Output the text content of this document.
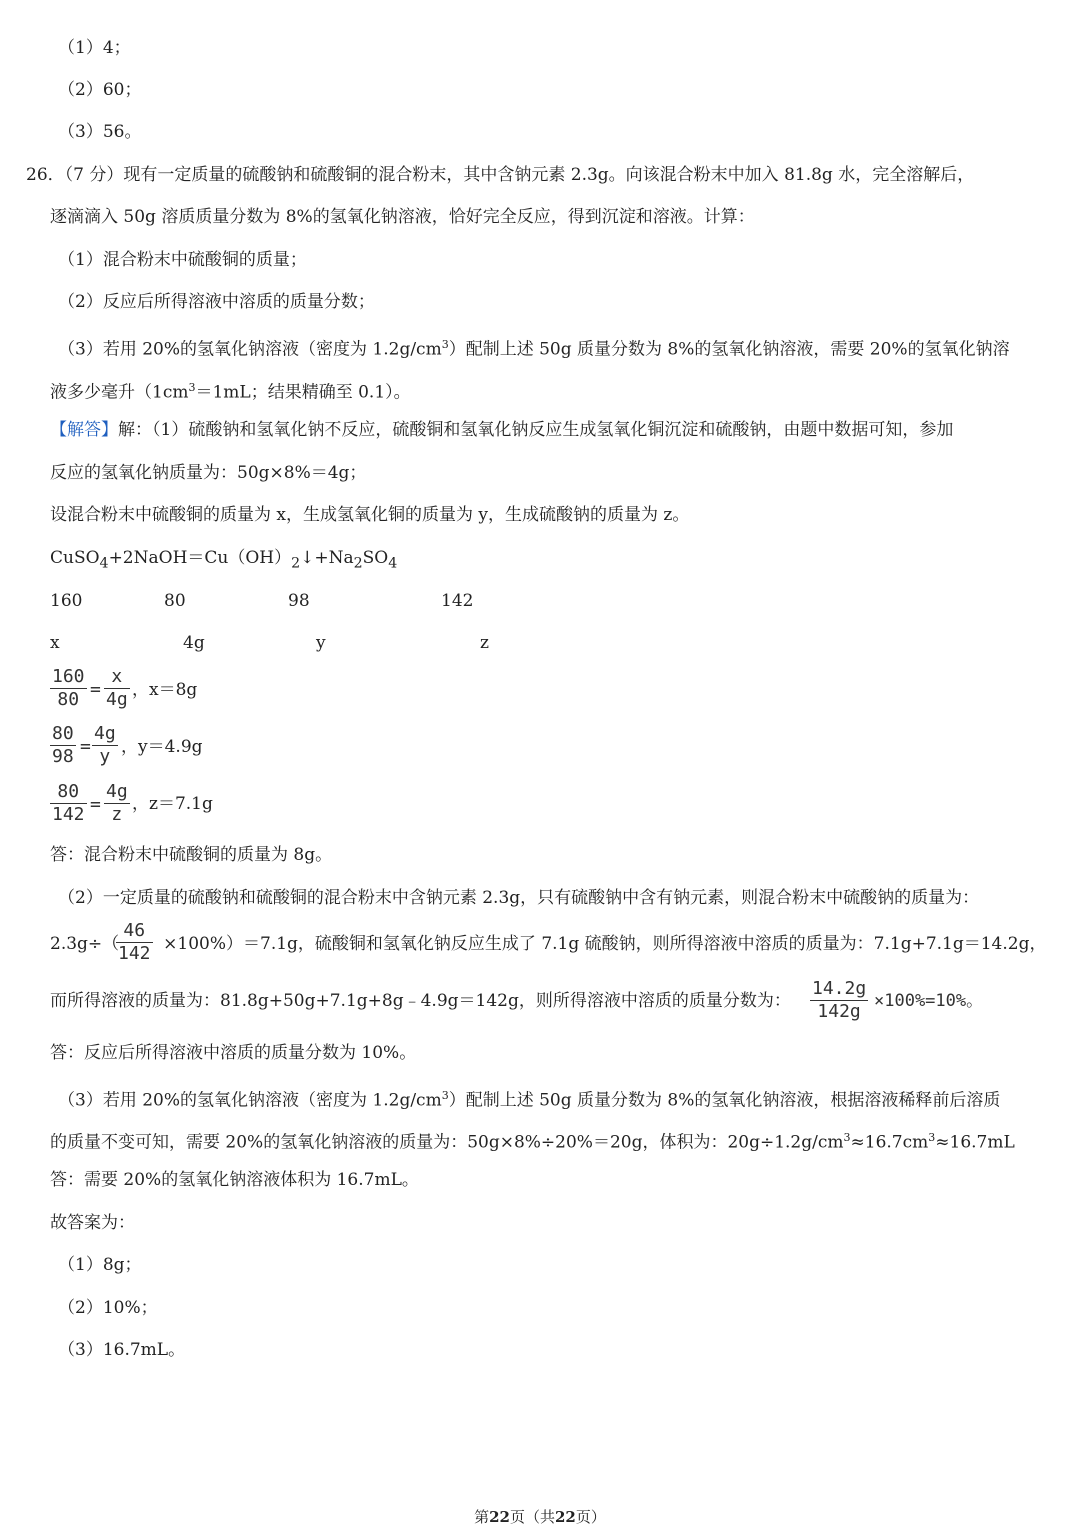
（1）4；
（2）60；
（3）56。
26．（7 分）现有一定质量的硫酸钠和硫酸铜的混合粉末，其中含钠元素 2.3g。向该混合粉末中加入 81.8g 水，完全溶解后，
逐滴滴入 50g 溶质质量分数为 8%的氢氧化钠溶液，恰好完全反应，得到沉淀和溶液。计算：
（1）混合粉末中硫酸铜的质量；
（2）反应后所得溶液中溶质的质量分数；
（3）若用 20%的氢氧化钠溶液（密度为 $1.2g/cm^3$）配制上述 50g 质量分数为 8%的氢氧化钠溶液，需要 20%的氢氧化钠溶
液多少毫升（$1cm^3=1mL$；结果精确至 0.1）。
【解答】解：（1）硫酸钠和氢氧化钠不反应，硫酸铜和氢氧化钠反应生成氢氧化铜沉淀和硫酸钠，由题中数据可知，参加
反应的氢氧化钠质量为：50g×8%＝4g；
设混合粉末中硫酸铜的质量为 x，生成氢氧化铜的质量为 y，生成硫酸钠的质量为 z。
$CuSO_4+2NaOH=Cu(OH)_2↓+Na_2SO_4$
160	80	98	142
x	4g	y	z
$\frac{160}{80} = \frac{x}{4g}$ ，x＝8g
$\frac{80}{98} = \frac{4g}{y}$ ，y＝4.9g
$\frac{80}{142} = \frac{4g}{z}$ ，z＝7.1g
答：混合粉末中硫酸铜的质量为 8g。
（2）一定质量的硫酸钠和硫酸铜的混合粉末中含钠元素 2.3g，只有硫酸钠中含有钠元素，则混合粉末中硫酸钠的质量为：
2.3g÷（	×100%）＝7.1g，硫酸铜和氢氧化钠反应生成了 7.1g 硫酸钠，则所得溶液中溶质的质量为：7.1g+7.1g＝14.2g，
$\frac{46}{142}$
而所得溶液的质量为：81.8g+50g+7.1g+8g﹣4.9g＝142g，则所得溶液中溶质的质量分数为： $\frac{14.2g}{142g} \times 100\%=10\%$。
答：反应后所得溶液中溶质的质量分数为 10%。
（3）若用 20%的氢氧化钠溶液（密度为 $1.2g/cm^3$）配制上述 50g 质量分数为 8%的氢氧化钠溶液，根据溶液稀释前后溶质
的质量不变可知，需要 20%的氢氧化钠溶液的质量为：50g×8%÷20%＝20g，体积为：$20g\div 1.2g/cm^3\approx 16.7cm^3\approx 16.7mL$
答：需要 20%的氢氧化钠溶液体积为 16.7mL。
故答案为：
（1）8g；
（2）10%；
（3）16.7mL。
第22页（共22页）
